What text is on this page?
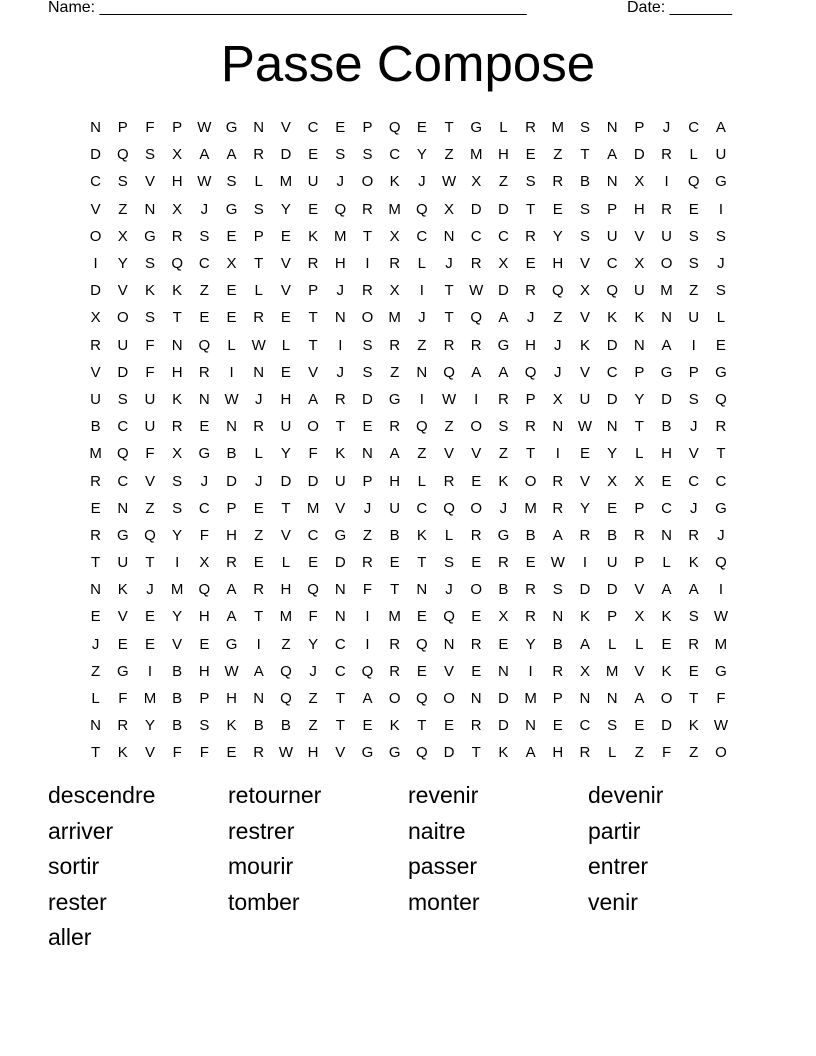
Name: ________________________________________________	Date: _______
Passe Compose
N	P	F	P	W G	N	V	C	E	P	Q	E	T	G	L	R	M	S	N	P	J	C	A
D	Q	S	X	A	A	R	D	E	S	S	C	Y	Z	M	H	E	Z	T	A	D	R	L	U
C	S	V	H W	S	L	M	U	J	O	K	J	W	X	Z	S	R	B	N	X	I	Q	G
V	Z	N	X	J	G	S	Y	E	Q	R	M	Q	X	D	D	T	E	S	P	H	R	E	I
O	X	G	R	S	E	P	E	K	M	T	X	C	N	C	C	R	Y	S	U	V	U	S	S
I	Y	S	Q	C	X	T	V	R	H	I	R	L	J	R	X	E	H	V	C	X	O	S	J
D	V	K	K	Z	E	L	V	P	J	R	X	I	T	W D	R	Q	X	Q	U	M	Z	S
X	O	S	T	E	E	R	E	T	N	O	M	J	T	Q	A	J	Z	V	K	K	N	U	L
R	U	F	N	Q	L	W	L	T	I	S	R	Z	R	R	G	H	J	K	D	N	A	I	E
V	D	F	H	R	I	N	E	V	J	S	Z	N	Q	A	A	Q	J	V	C	P	G	P	G
U	S	U	K	N W	J	H	A	R	D	G	I	W	I	R	P	X	U	D	Y	D	S	Q
B	C	U	R	E	N	R	U	O	T	E	R	Q	Z	O	S	R	N W N	T	B	J	R
M	Q	F	X	G	B	L	Y	F	K	N	A	Z	V	V	Z	T	I	E	Y	L	H	V	T
R	C	V	S	J	D	J	D	D	U	P	H	L	R	E	K	O	R	V	X	X	E	C	C
E	N	Z	S	C	P	E	T	M	V	J	U	C	Q	O	J	M	R	Y	E	P	C	J	G
R	G	Q	Y	F	H	Z	V	C	G	Z	B	K	L	R	G	B	A	R	B	R	N	R	J
T	U	T	I	X	R	E	L	E	D	R	E	T	S	E	R	E	W	I	U	P	L	K	Q
N	K	J	M	Q	A	R	H	Q	N	F	T	N	J	O	B	R	S	D	D	V	A	A	I
E	V	E	Y	H	A	T	M	F	N	I	M	E	Q	E	X	R	N	K	P	X	K	S	W
J	E	E	V	E	G	I	Z	Y	C	I	R	Q	N	R	E	Y	B	A	L	L	E	R	M
Z	G	I	B	H W	A	Q	J	C	Q	R	E	V	E	N	I	R	X	M	V	K	E	G
L	F	M	B	P	H	N	Q	Z	T	A	O	Q	O	N	D	M	P	N	N	A	O	T	F
N	R	Y	B	S	K	B	B	Z	T	E	K	T	E	R	D	N	E	C	S	E	D	K	W
T	K	V	F	F	E	R W H	V	G	G	Q	D	T	K	A	H	R	L	Z	F	Z	O
descendre	retourner	revenir	devenir
arriver	restrer	naitre	partir
sortir	mourir	passer	entrer
rester	tomber	monter	venir
aller
